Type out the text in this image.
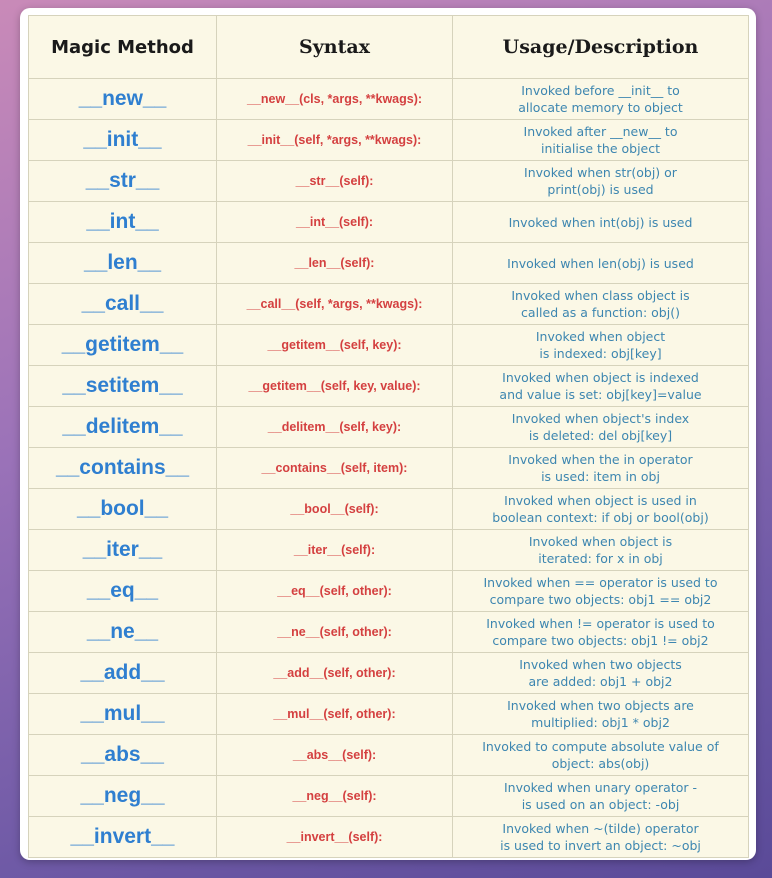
Magic Method	Syntax	Usage/Description
__new__	__new__(cls, *args, **kwags):	Invoked before __init__ to
allocate memory to object

__init__	__init__(self, *args, **kwags):	Invoked after __new__ to
initialise the object

__str__	__str__(self):	Invoked when str(obj) or
print(obj) is used

__int__	__int__(self):	Invoked when int(obj) is used

__len__	__len__(self):	Invoked when len(obj) is used

__call__	__call__(self, *args, **kwags):	Invoked when class object is
called as a function: obj()

__getitem__	__getitem__(self, key):	Invoked when object
is indexed: obj[key]

__setitem__	__getitem__(self, key, value):	Invoked when object is indexed
and value is set: obj[key]=value

__delitem__	__delitem__(self, key):	Invoked when object's index
is deleted: del obj[key]

__contains__	__contains__(self, item):	Invoked when the in operator
is used: item in obj

__bool__	__bool__(self):	Invoked when object is used in
boolean context: if obj or bool(obj)

__iter__	__iter__(self):	Invoked when object is
iterated: for x in obj

__eq__	__eq__(self, other):	Invoked when == operator is used to
compare two objects: obj1 == obj2

__ne__	__ne__(self, other):	Invoked when != operator is used to
compare two objects: obj1 != obj2

__add__	__add__(self, other):	Invoked when two objects
are added: obj1 + obj2

__mul__	__mul__(self, other):	Invoked when two objects are
multiplied: obj1 * obj2

__abs__	__abs__(self):	Invoked to compute absolute value of
object: abs(obj)

__neg__	__neg__(self):	Invoked when unary operator -
is used on an object: -obj

__invert__	__invert__(self):	Invoked when ~(tilde) operator
is used to invert an object: ~obj
